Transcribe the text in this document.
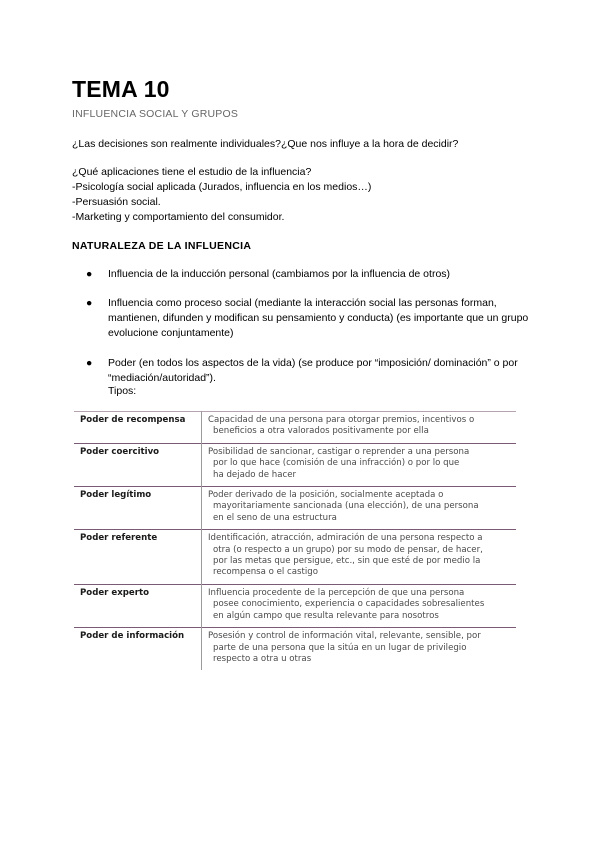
TEMA 10
INFLUENCIA SOCIAL Y GRUPOS
¿Las decisiones son realmente individuales?¿Que nos influye a la hora de decidir?
¿Qué aplicaciones tiene el estudio de la influencia?
-Psicología social aplicada (Jurados, influencia en los medios…)
-Persuasión social.
-Marketing y comportamiento del consumidor.
NATURALEZA DE LA INFLUENCIA
●	Influencia de la inducción personal (cambiamos por la influencia de otros)
●	Influencia como proceso social (mediante la interacción social las personas forman, mantienen, difunden y modifican su pensamiento y conducta) (es importante que un grupo evolucione conjuntamente)
●	Poder (en todos los aspectos de la vida) (se produce por “imposición/ dominación” o por “mediación/autoridad”).
Tipos:
Poder de recompensa	Capacidad de una persona para otorgar premios, incentivos o
beneficios a otra valorados positivamente por ella

Poder coercitivo	Posibilidad de sancionar, castigar o reprender a una persona
por lo que hace (comisión de una infracción) o por lo que
ha dejado de hacer

Poder legítimo	Poder derivado de la posición, socialmente aceptada o
mayoritariamente sancionada (una elección), de una persona
en el seno de una estructura

Poder referente	Identificación, atracción, admiración de una persona respecto a
otra (o respecto a un grupo) por su modo de pensar, de hacer,
por las metas que persigue, etc., sin que esté de por medio la
recompensa o el castigo

Poder experto	Influencia procedente de la percepción de que una persona
posee conocimiento, experiencia o capacidades sobresalientes
en algún campo que resulta relevante para nosotros

Poder de información	Posesión y control de información vital, relevante, sensible, por
parte de una persona que la sitúa en un lugar de privilegio
respecto a otra u otras
